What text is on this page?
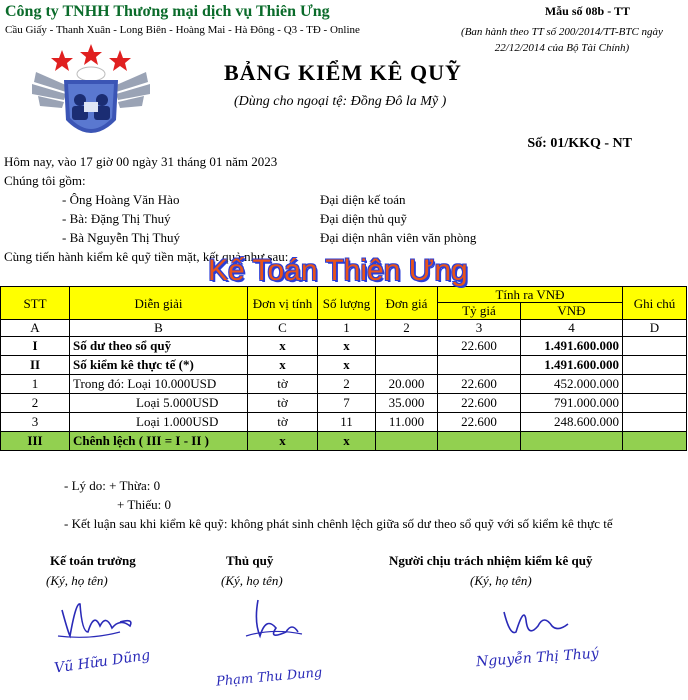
Công ty TNHH Thương mại dịch vụ Thiên Ưng
Cầu Giấy - Thanh Xuân - Long Biên - Hoàng Mai - Hà Đông - Q3 - TĐ - Online
Mẫu số 08b - TT
(Ban hành theo TT số 200/2014/TT-BTC ngày 22/12/2014 của Bộ Tài Chính)
BẢNG KIỂM KÊ QUỸ
(Dùng cho ngoại tệ: Đồng Đô la Mỹ )
Số: 01/KKQ - NT
Hôm nay, vào 17 giờ 00 ngày 31 tháng 01 năm 2023
Chúng tôi gồm:
- Ông Hoàng Văn Hào	Đại diện kế toán
- Bà: Đặng Thị Thuý	Đại diện thủ quỹ
- Bà Nguyễn Thị Thuý	Đại diện nhân viên văn phòng
Cùng tiến hành kiểm kê quỹ tiền mặt, kết quả như sau:
STT	Diễn giải	Đơn vị tính	Số lượng	Đơn giá	Tính ra VNĐ		Ghi chú
					Tỷ giá	VNĐ	
A	B	C	1	2	3	4	D
I	Số dư theo sổ quỹ	x	x		22.600	1.491.600.000	
II	Số kiểm kê thực tế (*)	x	x			1.491.600.000	
1	Trong đó: Loại 10.000USD	tờ	2	20.000	22.600	452.000.000	
2	Loại 5.000USD	tờ	7	35.000	22.600	791.000.000	
3	Loại 1.000USD	tờ	11	11.000	22.600	248.600.000	
III	Chênh lệch ( III = I - II )	x	x				
Kế Toán Thiên Ưng
- Lý do: + Thừa: 0
+ Thiếu: 0
- Kết luận sau khi kiểm kê quỹ: không phát sinh chênh lệch giữa số dư theo sổ quỹ với số kiểm kê thực tế
Kế toán trưởng
(Ký, họ tên)
Thủ quỹ
(Ký, họ tên)
Người chịu trách nhiệm kiểm kê quỹ
(Ký, họ tên)
Vũ Hữu Dũng
Phạm Thu Dung
Nguyễn Thị Thuý
